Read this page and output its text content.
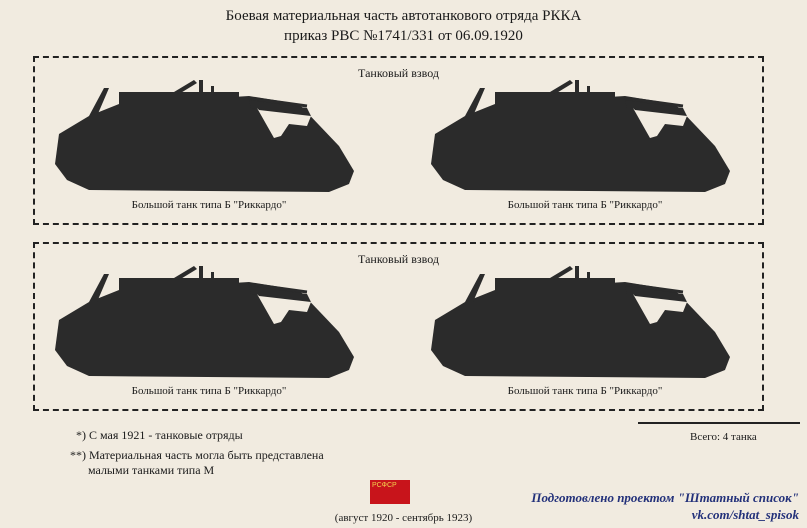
Боевая материальная часть автотанкового отряда РККА
приказ РВС №1741/331 от 06.09.1920
Танковый взвод
Большой танк типа Б "Риккардо"	Большой танк типа Б "Риккардо"
Танковый взвод
Большой танк типа Б "Риккардо"	Большой танк типа Б "Риккардо"
*) С мая 1921 - танковые отряды
**) Материальная часть могла быть представлена
малыми танками типа М
Всего: 4 танка
РСФСР
(август 1920 - сентябрь 1923)
Подготовлено проектом "Штатный список"
vk.com/shtat_spisok
